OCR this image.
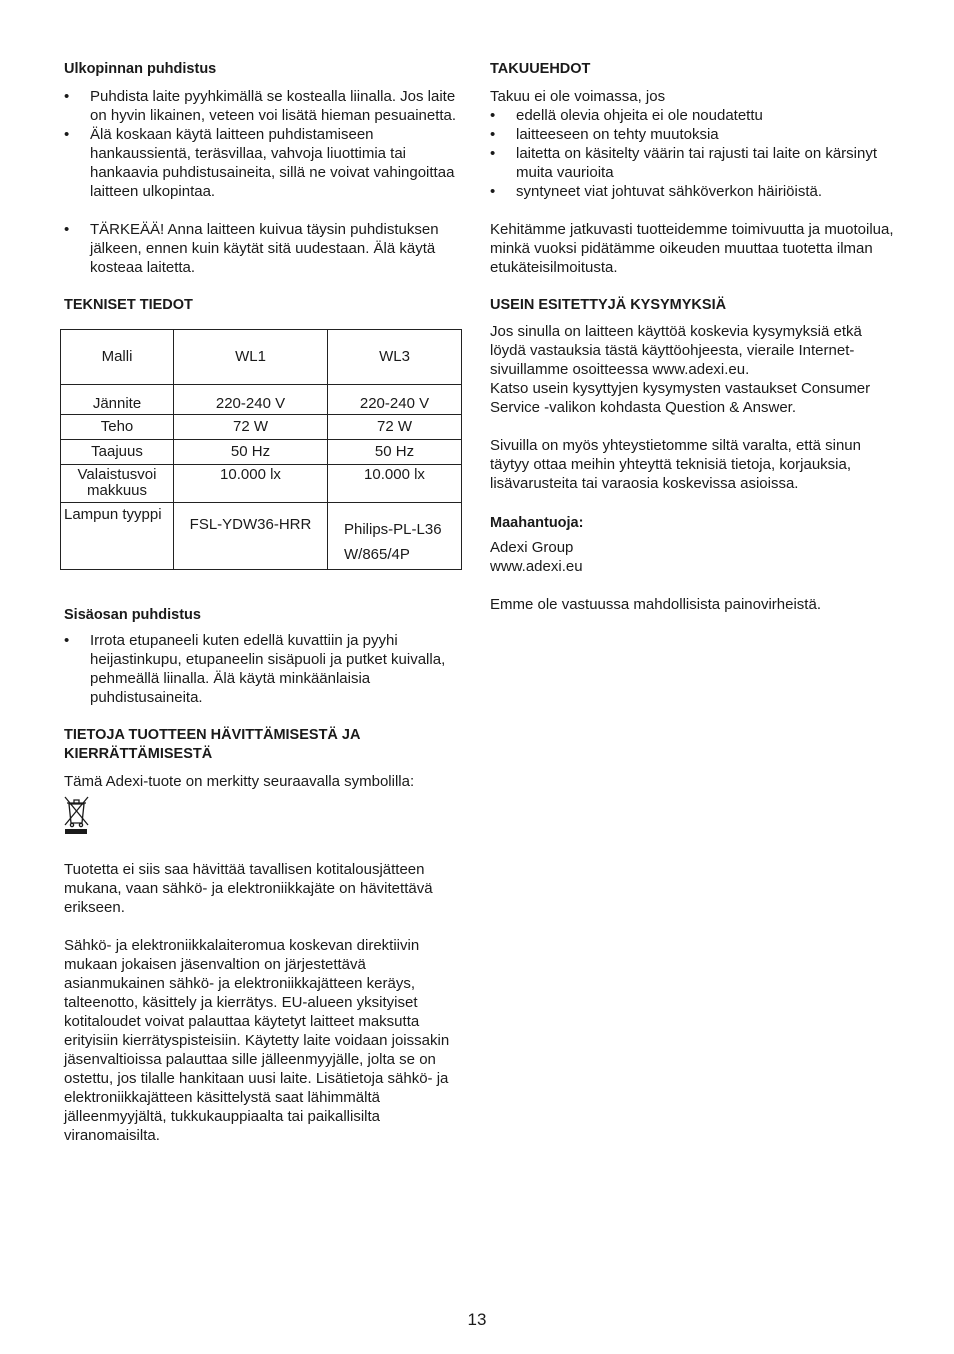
Ulkopinnan puhdistus
• Puhdista laite pyyhkimällä se kostealla liinalla. Jos laite on hyvin likainen, veteen voi lisätä hieman pesuainetta.
• Älä koskaan käytä laitteen puhdistamiseen hankaussientä, teräsvillaa, vahvoja liuottimia tai hankaavia puhdistusaineita, sillä ne voivat vahingoittaa laitteen ulkopintaa.
• TÄRKEÄÄ! Anna laitteen kuivua täysin puhdistuksen jälkeen, ennen kuin käytät sitä uudestaan. Älä käytä kosteaa laitetta.
TEKNISET TIEDOT
Malli	WL1	WL3
Jännite	220-240 V	220-240 V
Teho	72 W	72 W
Taajuus	50 Hz	50 Hz
Valaistusvoi makkuus	10.000 lx	10.000 lx
Lampun tyyppi	FSL-YDW36-HRR	Philips-PL-L36W/865/4P
Sisäosan puhdistus
• Irrota etupaneeli kuten edellä kuvattiin ja pyyhi heijastinkupu, etupaneelin sisäpuoli ja putket kuivalla, pehmeällä liinalla. Älä käytä minkäänlaisia puhdistusaineita.
TIETOJA TUOTTEEN HÄVITTÄMISESTÄ JA KIERRÄTTÄMISESTÄ

Tämä Adexi-tuote on merkitty seuraavalla symbolilla:

Tuotetta ei siis saa hävittää tavallisen kotitalousjätteen mukana, vaan sähkö- ja elektroniikkajäte on hävitettävä erikseen.

Sähkö- ja elektroniikkalaiteromua koskevan direktiivin mukaan jokaisen jäsenvaltion on järjestettävä asianmukainen sähkö- ja elektroniikkajätteen keräys, talteenotto, käsittely ja kierrätys. EU-alueen yksityiset kotitaloudet voivat palauttaa käytetyt laitteet maksutta erityisiin kierrätyspisteisiin. Käytetty laite voidaan joissakin jäsenvaltioissa palauttaa sille jälleenmyyjälle, jolta se on ostettu, jos tilalle hankitaan uusi laite. Lisätietoja sähkö- ja elektroniikkajätteen käsittelystä saat lähimmältä jälleenmyyjältä, tukkukauppiaalta tai paikallisilta viranomaisilta.

TAKUUEHDOT

Takuu ei ole voimassa, jos

• edellä olevia ohjeita ei ole noudatettu
• laitteeseen on tehty muutoksia
• laitetta on käsitelty väärin tai rajusti tai laite on kärsinyt muita vaurioita
• syntyneet viat johtuvat sähköverkon häiriöistä.

Kehitämme jatkuvasti tuotteidemme toimivuutta ja muotoilua, minkä vuoksi pidätämme oikeuden muuttaa tuotetta ilman etukäteisilmoitusta.

USEIN ESITETTYJÄ KYSYMYKSIÄ

Jos sinulla on laitteen käyttöä koskevia kysymyksiä etkä löydä vastauksia tästä käyttöohjeesta, vieraile Internet-sivuillamme osoitteessa www.adexi.eu.

Katso usein kysyttyjen kysymysten vastaukset Consumer Service -valikon kohdasta Question & Answer.

Sivuilla on myös yhteystietomme siltä varalta, että sinun täytyy ottaa meihin yhteyttä teknisiä tietoja, korjauksia, lisävarusteita tai varaosia koskevissa asioissa.

Maahantuoja:

Adexi Group

www.adexi.eu

Emme ole vastuussa mahdollisista painovirheistä.

13
